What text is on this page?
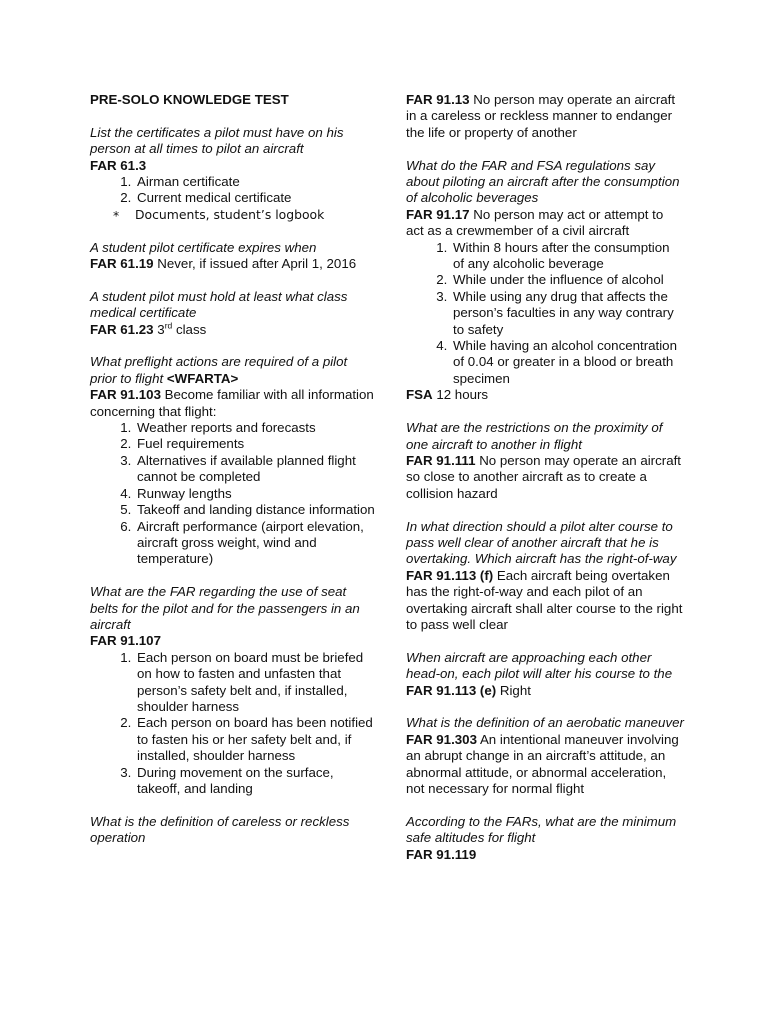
PRE-SOLO KNOWLEDGE TEST
List the certificates a pilot must have on his person at all times to pilot an aircraft
FAR 61.3
1. Airman certificate
2. Current medical certificate
* Documents, student’s logbook
A student pilot certificate expires when
FAR 61.19 Never, if issued after April 1, 2016
A student pilot must hold at least what class medical certificate
FAR 61.23 3rd class
What preflight actions are required of a pilot prior to flight <WFARTA>
FAR 91.103 Become familiar with all information concerning that flight:
1. Weather reports and forecasts
2. Fuel requirements
3. Alternatives if available planned flight cannot be completed
4. Runway lengths
5. Takeoff and landing distance information
6. Aircraft performance (airport elevation, aircraft gross weight, wind and temperature)
What are the FAR regarding the use of seat belts for the pilot and for the passengers in an aircraft
FAR 91.107
1. Each person on board must be briefed on how to fasten and unfasten that person’s safety belt and, if installed, shoulder harness
2. Each person on board has been notified to fasten his or her safety belt and, if installed, shoulder harness
3. During movement on the surface, takeoff, and landing
What is the definition of careless or reckless operation
FAR 91.13 No person may operate an aircraft in a careless or reckless manner to endanger the life or property of another
What do the FAR and FSA regulations say about piloting an aircraft after the consumption of alcoholic beverages
FAR 91.17 No person may act or attempt to act as a crewmember of a civil aircraft
1. Within 8 hours after the consumption of any alcoholic beverage
2. While under the influence of alcohol
3. While using any drug that affects the person’s faculties in any way contrary to safety
4. While having an alcohol concentration of 0.04 or greater in a blood or breath specimen
FSA 12 hours
What are the restrictions on the proximity of one aircraft to another in flight
FAR 91.111 No person may operate an aircraft so close to another aircraft as to create a collision hazard
In what direction should a pilot alter course to pass well clear of another aircraft that he is overtaking. Which aircraft has the right-of-way
FAR 91.113 (f) Each aircraft being overtaken has the right-of-way and each pilot of an overtaking aircraft shall alter course to the right to pass well clear
When aircraft are approaching each other head-on, each pilot will alter his course to the
FAR 91.113 (e) Right
What is the definition of an aerobatic maneuver
FAR 91.303 An intentional maneuver involving an abrupt change in an aircraft’s attitude, an abnormal attitude, or abnormal acceleration, not necessary for normal flight
According to the FARs, what are the minimum safe altitudes for flight
FAR 91.119
